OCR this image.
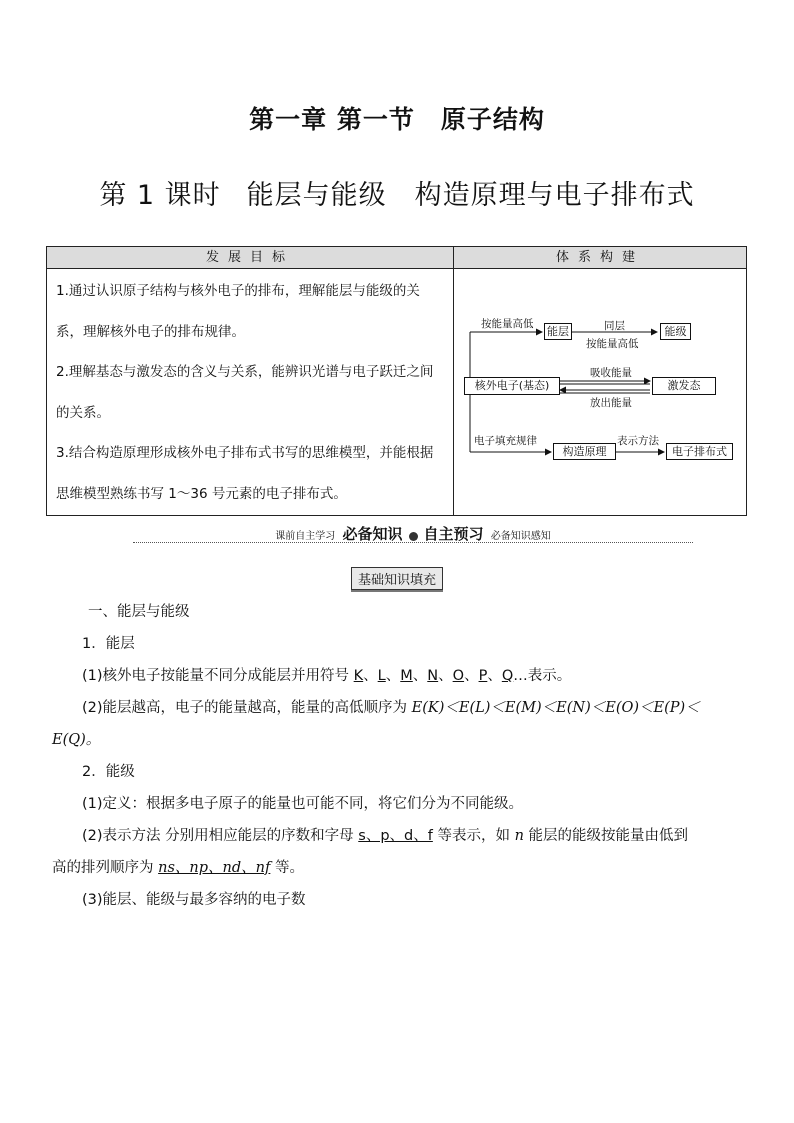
第一章 第一节　原子结构
第 1 课时 能层与能级　构造原理与电子排布式
发展目标

1.通过认识原子结构与核外电子的排布，理解能层与能级的关系，理解核外电子的排布规律。

2.理解基态与激发态的含义与关系，能辨识光谱与电子跃迁之间的关系。

3.结合构造原理形成核外电子排布式书写的思维模型，并能根据思维模型熟练书写 1～36 号元素的电子排布式。

体系构建
能层	能级
核外电子(基态)	激发态
构造原理	电子排布式
按能量高低	同层
按能量高低
吸收能量
放出能量
电子填充规律	表示方法
课前自主学习 必备知识 自主预习 必备知识感知
基础知识填充

一、能层与能级

1．能层

(1)核外电子按能量不同分成能层并用符号 K、L、M、N、O、P、Q…表示。

(2)能层越高，电子的能量越高，能量的高低顺序为 E(K)＜E(L)＜E(M)＜E(N)＜E(O)＜E(P)＜

E(Q)。

2．能级

(1)定义：根据多电子原子的能量也可能不同，将它们分为不同能级。

(2)表示方法 分别用相应能层的序数和字母 s、p、d、f 等表示，如 n 能层的能级按能量由低到

高的排列顺序为 ns、np、nd、nf 等。

(3)能层、能级与最多容纳的电子数
